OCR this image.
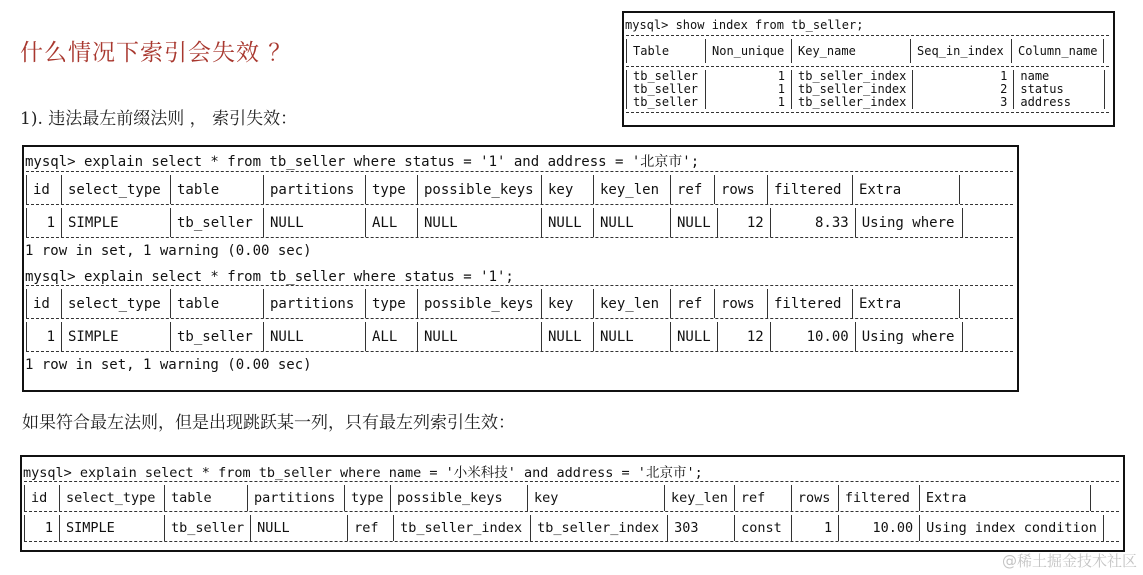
什么情况下索引会失效 ？
1). 违法最左前缀法则 ， 索引失效：
mysql> show index from tb_seller;
Table	Non_unique	Key_name	Seq_in_index	Column_name
tb_seller	1	tb_seller_index	1	name
tb_seller	1	tb_seller_index	2	status
tb_seller	1	tb_seller_index	3	address
mysql> explain select * from tb_seller where status = '1' and address = '北京市';
id	select_type	table	partitions	type	possible_keys	key	key_len	ref	rows	filtered	Extra
1	SIMPLE	tb_seller	NULL	ALL	NULL	NULL	NULL	NULL	12	8.33	Using where
1 row in set, 1 warning (0.00 sec)
mysql> explain select * from tb_seller where status = '1';
id	select_type	table	partitions	type	possible_keys	key	key_len	ref	rows	filtered	Extra
1	SIMPLE	tb_seller	NULL	ALL	NULL	NULL	NULL	NULL	12	10.00	Using where
1 row in set, 1 warning (0.00 sec)
如果符合最左法则，但是出现跳跃某一列，只有最左列索引生效：
mysql> explain select * from tb_seller where name = '小米科技' and address = '北京市';
id	select_type	table	partitions	type	possible_keys	key	key_len	ref	rows	filtered	Extra
1	SIMPLE	tb_seller	NULL	ref	tb_seller_index	tb_seller_index	303	const	1	10.00	Using index condition
@稀土掘金技术社区
